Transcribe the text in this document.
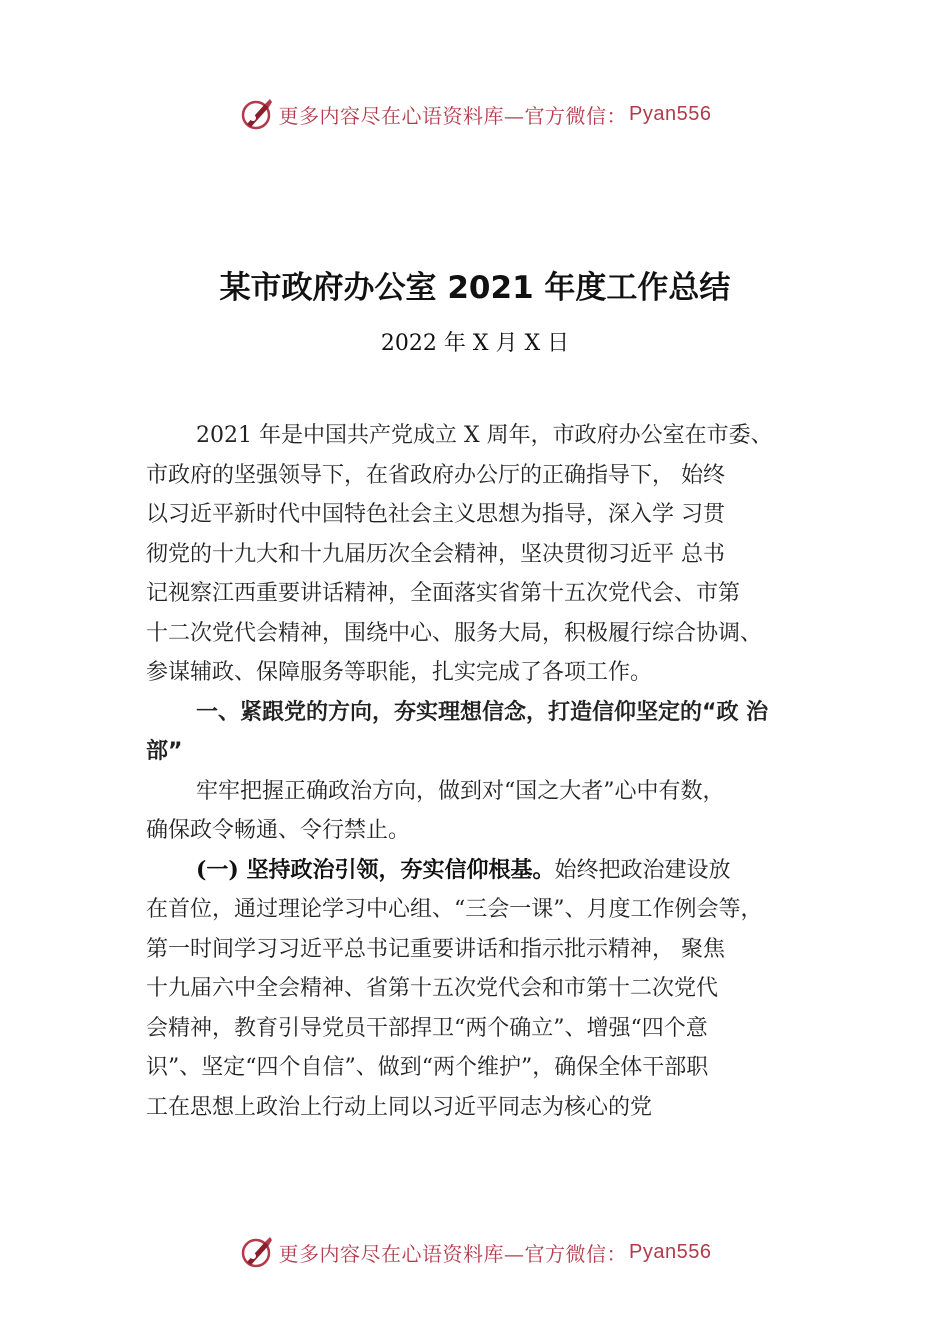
更多内容尽在心语资料库—官方微信： Pyan556
某市政府办公室 2021 年度工作总结
2022 年 X 月 X 日
2021 年是中国共产党成立 X 周年，市政府办公室在市委、
市政府的坚强领导下，在省政府办公厅的正确指导下， 始终
以习近平新时代中国特色社会主义思想为指导，深入学 习贯
彻党的十九大和十九届历次全会精神，坚决贯彻习近平 总书
记视察江西重要讲话精神，全面落实省第十五次党代会、市第
十二次党代会精神，围绕中心、服务大局，积极履行综合协调、
参谋辅政、保障服务等职能，扎实完成了各项工作。
一、紧跟党的方向，夯实理想信念，打造信仰坚定的“政 治
部”
牢牢把握正确政治方向，做到对“国之大者”心中有数，
确保政令畅通、令行禁止。
(一) 坚持政治引领，夯实信仰根基。始终把政治建设放
在首位，通过理论学习中心组、“三会一课”、月度工作例会等，
第一时间学习习近平总书记重要讲话和指示批示精神， 聚焦
十九届六中全会精神、省第十五次党代会和市第十二次党代
会精神，教育引导党员干部捍卫“两个确立”、增强“四个意
识”、坚定“四个自信”、做到“两个维护”，确保全体干部职
工在思想上政治上行动上同以习近平同志为核心的党
更多内容尽在心语资料库—官方微信： Pyan556
